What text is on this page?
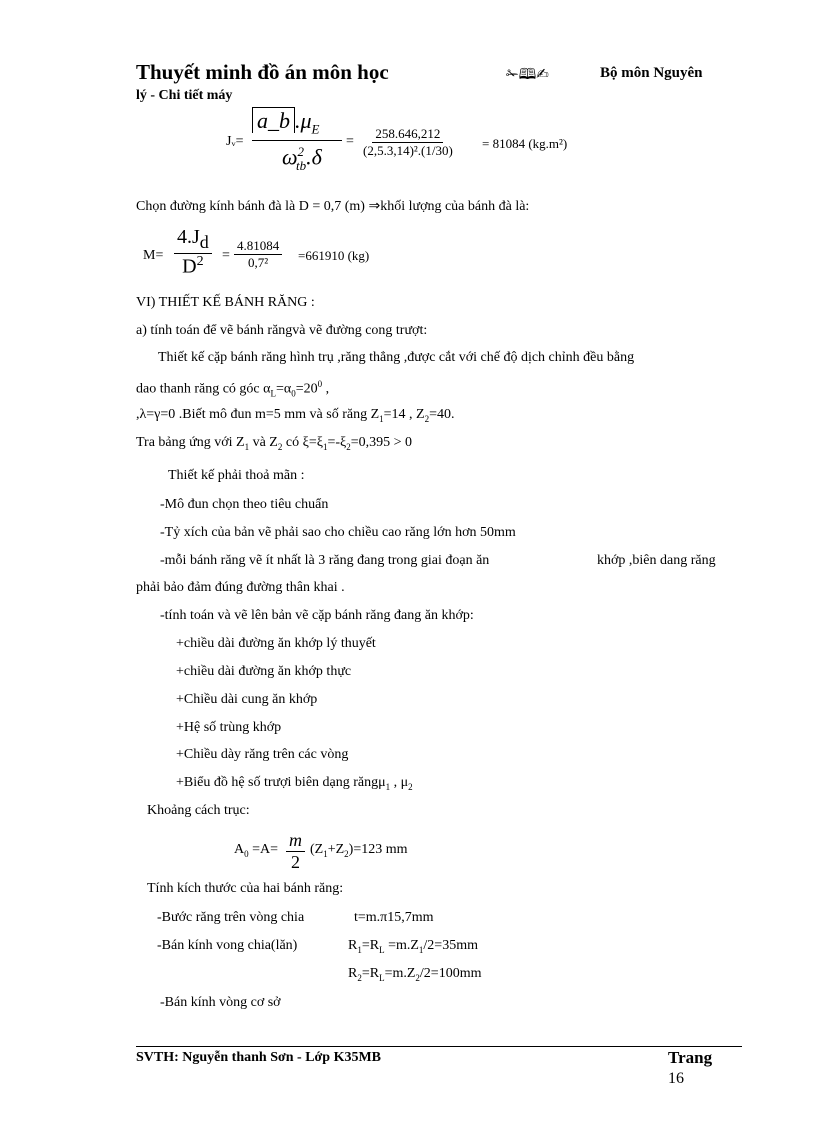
Thuyết minh đồ án môn học	✁🕮✍	Bộ môn Nguyên
lý - Chi tiết máy
Jᵥ=
a_b $.\mu_E$
$\omega^2_{tb}.\delta$
= $\frac{258.646,212}{\text{(2,5.3,14)².(1/30)}} = 81084$ (kg.m²)
Chọn đường kính bánh đà là D = 0,7 (m) ⇒khối lượng của bánh đà là:
$M= \frac{4.J_d}{D^2} = \frac{4.81084}{\text{0,7²}} =661910$ (kg)
VI) THIẾT KẾ BÁNH RĂNG :
a) tính toán để vẽ bánh răngvà vẽ đường cong trượt:
Thiết kế cặp bánh răng hình trụ ,răng thẳng ,được cắt với chế độ dịch chỉnh đều bằng
dao thanh răng có góc $\alpha_L=\alpha_0=20^0$ ,
,λ=γ=0 .Biết mô đun m=5 mm và số răng $Z_1=14$ , $Z_2=40$.
Tra bảng ứng với $Z_1$ và $Z_2$ có $\xi=\xi_1=-\xi_2=0,395 > 0$
Thiết kế phải thoả mãn :
-Mô đun chọn theo tiêu chuẩn
-Tỷ xích của bản vẽ phải sao cho chiều cao răng lớn hơn 50mm
-mỗi bánh răng vẽ ít nhất là 3 răng đang trong giai đoạn ăn	khớp ,biên dang răng
phải bảo đảm đúng đường thân khai .
-tính toán và vẽ lên bản vẽ cặp bánh răng đang ăn khớp:
+chiều dài đường ăn khớp lý thuyết
+chiều dài đường ăn khớp thực
+Chiều dài cung ăn khớp
+Hệ số trùng khớp
+Chiều dày răng trên các vòng
+Biểu đồ hệ số trượi biên dạng răngμ$_1$ , $\mu_2$
Khoảng cách trục:
$A_0 =A= \frac{m}{2} (Z_1+Z_2)=123$ mm
Tính kích thước của hai bánh răng:
-Bước răng trên vòng chia	t=m.π15,7mm
-Bán kính vong chia(lăn)	$R_1=R_L =m.Z_1/2=35mm$
$R_2=R_L=m.Z_2/2=100mm$
-Bán kính vòng cơ sở
SVTH: Nguyễn thanh Sơn - Lớp K35MB	Trang
16
